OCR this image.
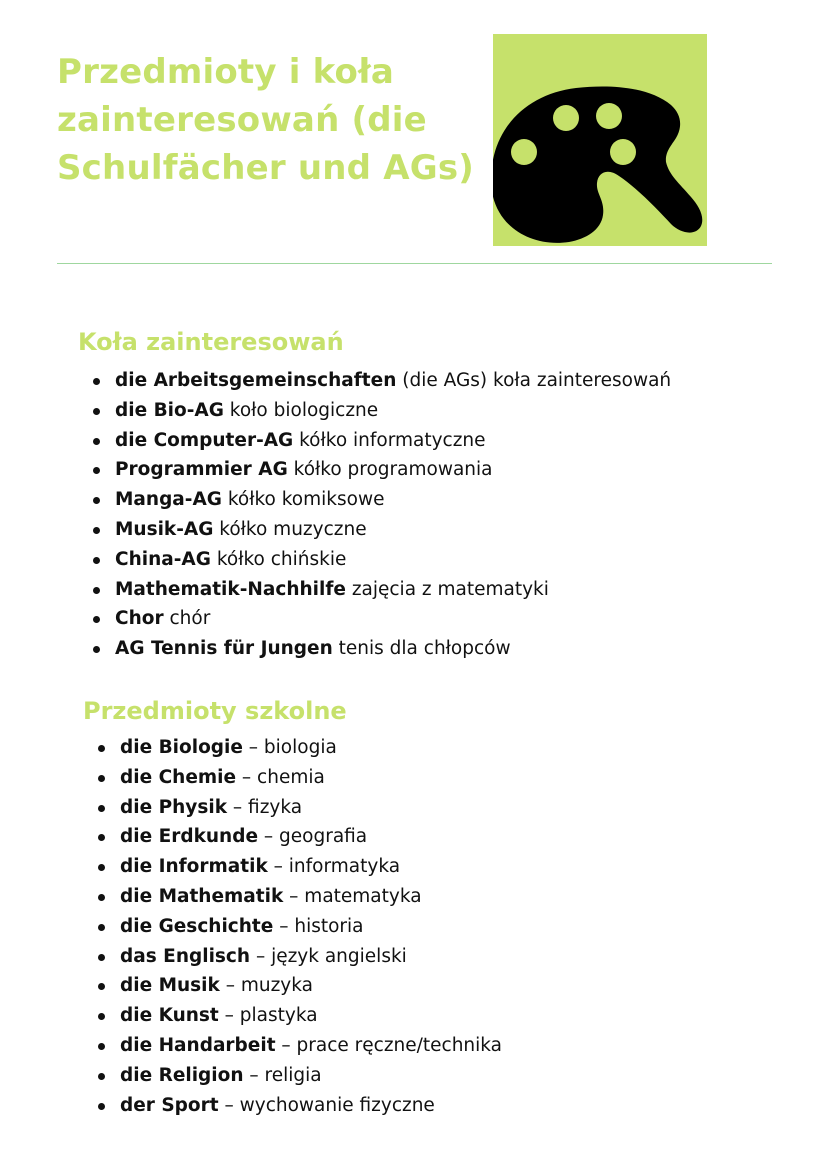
Przedmioty i koła zainteresowań (die Schulfächer und AGs)
Koła zainteresowań
die Arbeitsgemeinschaften (die AGs) koła zainteresowań
die Bio-AG koło biologiczne
die Computer-AG kółko informatyczne
Programmier AG kółko programowania
Manga-AG kółko komiksowe
Musik-AG kółko muzyczne
China-AG kółko chińskie
Mathematik-Nachhilfe zajęcia z matematyki
Chor chór
AG Tennis für Jungen tenis dla chłopców
Przedmioty szkolne
die Biologie – biologia
die Chemie – chemia
die Physik – fizyka
die Erdkunde – geografia
die Informatik – informatyka
die Mathematik – matematyka
die Geschichte – historia
das Englisch – język angielski
die Musik – muzyka
die Kunst – plastyka
die Handarbeit – prace ręczne/technika
die Religion – religia
der Sport – wychowanie fizyczne
